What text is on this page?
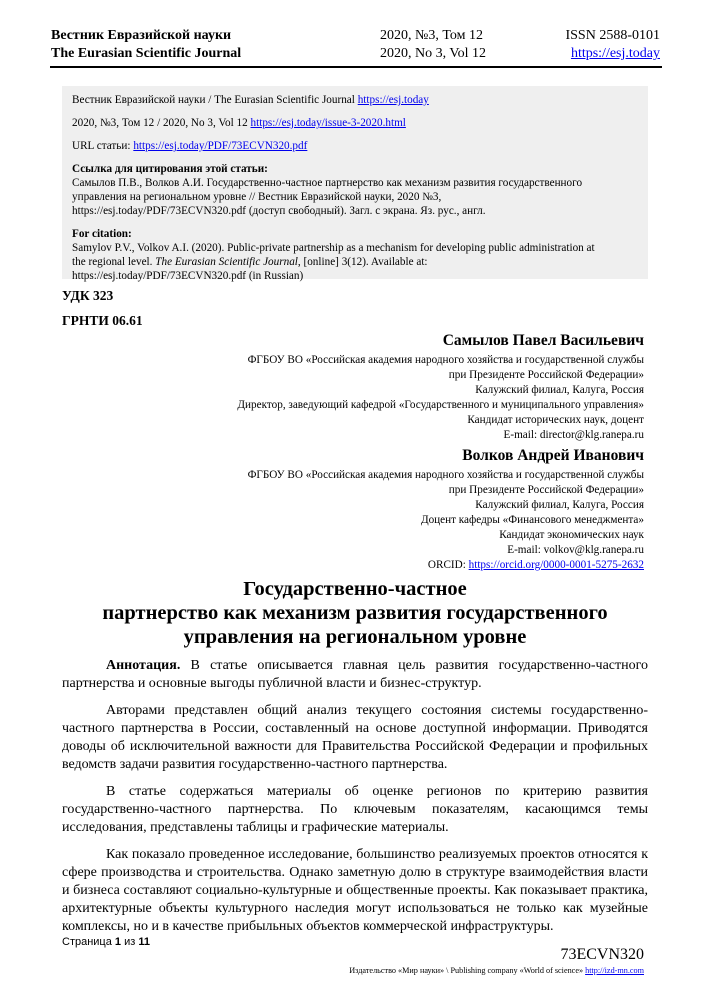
Вестник Евразийской науки
The Eurasian Scientific Journal
2020, №3, Том 12
2020, No 3, Vol 12
ISSN 2588-0101
https://esj.today

Вестник Евразийской науки / The Eurasian Scientific Journal https://esj.today

2020, №3, Том 12 / 2020, No 3, Vol 12 https://esj.today/issue-3-2020.html

URL статьи: https://esj.today/PDF/73ECVN320.pdf

Ссылка для цитирования этой статьи:

Самылов П.В., Волков А.И. Государственно-частное партнерство как механизм развития государственного

управления на региональном уровне // Вестник Евразийской науки, 2020 №3,

https://esj.today/PDF/73ECVN320.pdf (доступ свободный). Загл. с экрана. Яз. рус., англ.

For citation:

Samylov P.V., Volkov A.I. (2020). Public-private partnership as a mechanism for developing public administration at

the regional level. The Eurasian Scientific Journal, [online] 3(12). Available at:

https://esj.today/PDF/73ECVN320.pdf (in Russian)

УДК 323
ГРНТИ 06.61
Самылов Павел Васильевич
ФГБОУ ВО «Российская академия народного хозяйства и государственной службы
при Президенте Российской Федерации»
Калужский филиал, Калуга, Россия
Директор, заведующий кафедрой «Государственного и муниципального управления»
Кандидат исторических наук, доцент
E-mail: director@klg.ranepa.ru
Волков Андрей Иванович
ФГБОУ ВО «Российская академия народного хозяйства и государственной службы
при Президенте Российской Федерации»
Калужский филиал, Калуга, Россия
Доцент кафедры «Финансового менеджмента»
Кандидат экономических наук
E-mail: volkov@klg.ranepa.ru
ORCID: https://orcid.org/0000-0001-5275-2632
Государственно-частное
партнерство как механизм развития государственного
управления на региональном уровне

Аннотация. В статье описывается главная цель развития государственно-частного партнерства и основные выгоды публичной власти и бизнес-структур.

Авторами представлен общий анализ текущего состояния системы государственно-частного партнерства в России, составленный на основе доступной информации. Приводятся доводы об исключительной важности для Правительства Российской Федерации и профильных ведомств задачи развития государственно-частного партнерства.

В статье содержаться материалы об оценке регионов по критерию развития государственно-частного партнерства. По ключевым показателям, касающимся темы исследования, представлены таблицы и графические материалы.

Как показало проведенное исследование, большинство реализуемых проектов относятся к сфере производства и строительства. Однако заметную долю в структуре взаимодействия власти и бизнеса составляют социально-культурные и общественные проекты. Как показывает практика, архитектурные объекты культурного наследия могут использоваться не только как музейные комплексы, но и в качестве прибыльных объектов коммерческой инфраструктуры.

Страница 1 из 11
73ECVN320
Издательство «Мир науки» \ Publishing company «World of science» http://izd-mn.com
